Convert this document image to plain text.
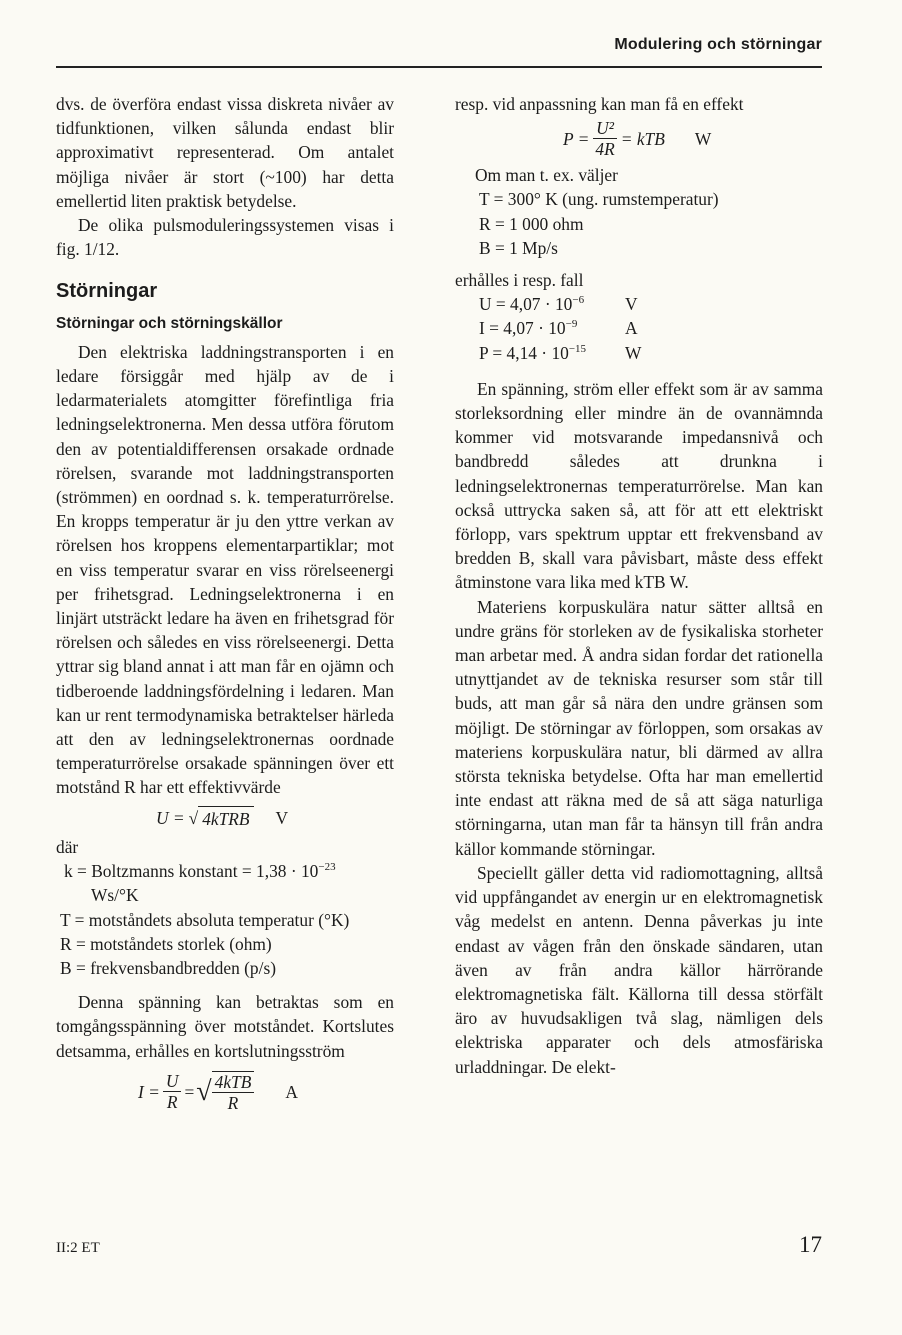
Modulering och störningar

dvs. de överföra endast vissa diskreta nivåer av tidfunktionen, vilken sålunda endast blir approximativt representerad. Om antalet möjliga nivåer är stort (~100) har detta emellertid liten praktisk betydelse.

De olika pulsmoduleringssystemen visas i fig. 1/12.

Störningar
Störningar och störningskällor

Den elektriska laddningstransporten i en ledare försiggår med hjälp av de i ledarmaterialets atomgitter förefintliga fria ledningselektronerna. Men dessa utföra förutom den av potentialdifferensen orsakade ordnade rörelsen, svarande mot laddningstransporten (strömmen) en oordnad s. k. temperaturrörelse. En kropps temperatur är ju den yttre verkan av rörelsen hos kroppens elementarpartiklar; mot en viss temperatur svarar en viss rörelseenergi per frihetsgrad. Ledningselektronerna i en linjärt utsträckt ledare ha även en frihetsgrad för rörelsen och således en viss rörelseenergi. Detta yttrar sig bland annat i att man får en ojämn och tidberoende laddningsfördelning i ledaren. Man kan ur rent termodynamiska betraktelser härleda att den av ledningselektronernas oordnade temperaturrörelse orsakade spänningen över ett motstånd R har ett effektivvärde

U = √ 4kTRB V
där
k = Boltzmanns konstant = $1,38 \cdot 10^{-23}$
Ws/°K
T = motståndets absoluta temperatur (°K)
R = motståndets storlek (ohm)
B = frekvensbandbredden (p/s)

Denna spänning kan betraktas som en tomgångsspänning över motståndet. Kortslutes detsamma, erhålles en kortslutningsström

$I = \frac{U}{R}$ = √ $\frac{\text{4kTB}}{R}$ A

resp. vid anpassning kan man få en effekt

$P = \frac{\text{U²}}{4R}$ = kTB W
Om man t. ex. väljer
T = 300° K (ung. rumstemperatur)
R = 1 000 ohm
B = 1 Mp/s
erhålles i resp. fall
$U = 4,07 \cdot 10^{-6}$	V
$I = 4,07 \cdot 10^{-9}$	A
$P = 4,14 \cdot 10^{-15}$	W

En spänning, ström eller effekt som är av samma storleksordning eller mindre än de ovannämnda kommer vid motsvarande impedansnivå och bandbredd således att drunkna i ledningselektronernas temperaturrörelse. Man kan också uttrycka saken så, att för att ett elektriskt förlopp, vars spektrum upptar ett frekvensband av bredden B, skall vara påvisbart, måste dess effekt åtminstone vara lika med kTB W.

Materiens korpuskulära natur sätter alltså en undre gräns för storleken av de fysikaliska storheter man arbetar med. Å andra sidan fordar det rationella utnyttjandet av de tekniska resurser som står till buds, att man går så nära den undre gränsen som möjligt. De störningar av förloppen, som orsakas av materiens korpuskulära natur, bli därmed av allra största tekniska betydelse. Ofta har man emellertid inte endast att räkna med de så att säga naturliga störningarna, utan man får ta hänsyn till från andra källor kommande störningar.

Speciellt gäller detta vid radiomottagning, alltså vid uppfångandet av energin ur en elektromagnetisk våg medelst en antenn. Denna påverkas ju inte endast av vågen från den önskade sändaren, utan även av från andra källor härrörande elektromagnetiska fält. Källorna till dessa störfält äro av huvudsakligen två slag, nämligen dels elektriska apparater och dels atmosfäriska urladdningar. De elekt-

II:2 ET	17
